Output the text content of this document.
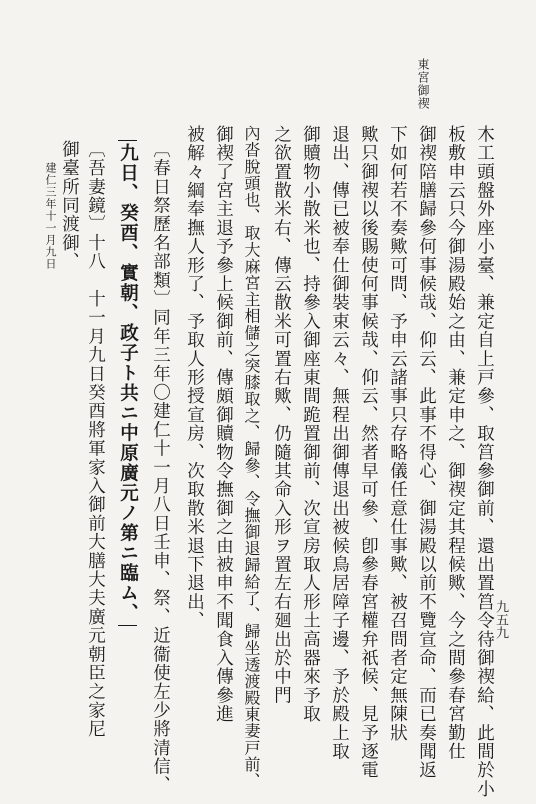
東宮御禊
木工頭盤外座小臺、兼定自上戸參、取筥參御前、還出置筥令待御禊給、此間於小
板敷申云只今御湯殿始之由、兼定申之、御禊定其程候歟、今之間參春宮勤仕
御禊陪膳歸參何事候哉、仰云、此事不得心、御湯殿以前不覽宣命、而已奏聞返
下如何若不奏歟可問、予申云諸事只存略儀任意仕事歟、被召問者定無陳狀
歟只御禊以後賜使何事候哉、仰云、然者早可參、卽參春宮權弁祇候、見予逐電
退出、傳已被奉仕御裝束云々、無程出御傳退出被候鳥居障子邊、予於殿上取
御贖物小散米也、持參入御座東間跪置御前、次宣房取人形土高器來予取
之欲置散米右、傳云散米可置右歟、仍隨其命入形ヲ置左右廻出於中門
內沓脫頭也、取大麻宮主相儲之突膝取之、歸參、令撫御退歸給了、歸坐透渡殿東妻戸前、
御禊了宮主退予參上候御前、傳頗御贖物令撫御之由被申不聞食入傳參進
被解々綱奉撫人形了、予取人形授宣房、次取散米退下退出、
〔春日祭歷名部類〕同年三年〇建仁十一月八日壬申、祭、近衞使左少將清信、
九日、癸酉、實朝、政子ト共ニ中原廣元ノ第ニ臨ム、
〔吾妻鏡〕十八　十一月九日癸酉將軍家入御前大膳大夫廣元朝臣之家尼
御臺所同渡御、
建仁三年十一月九日
九五九
